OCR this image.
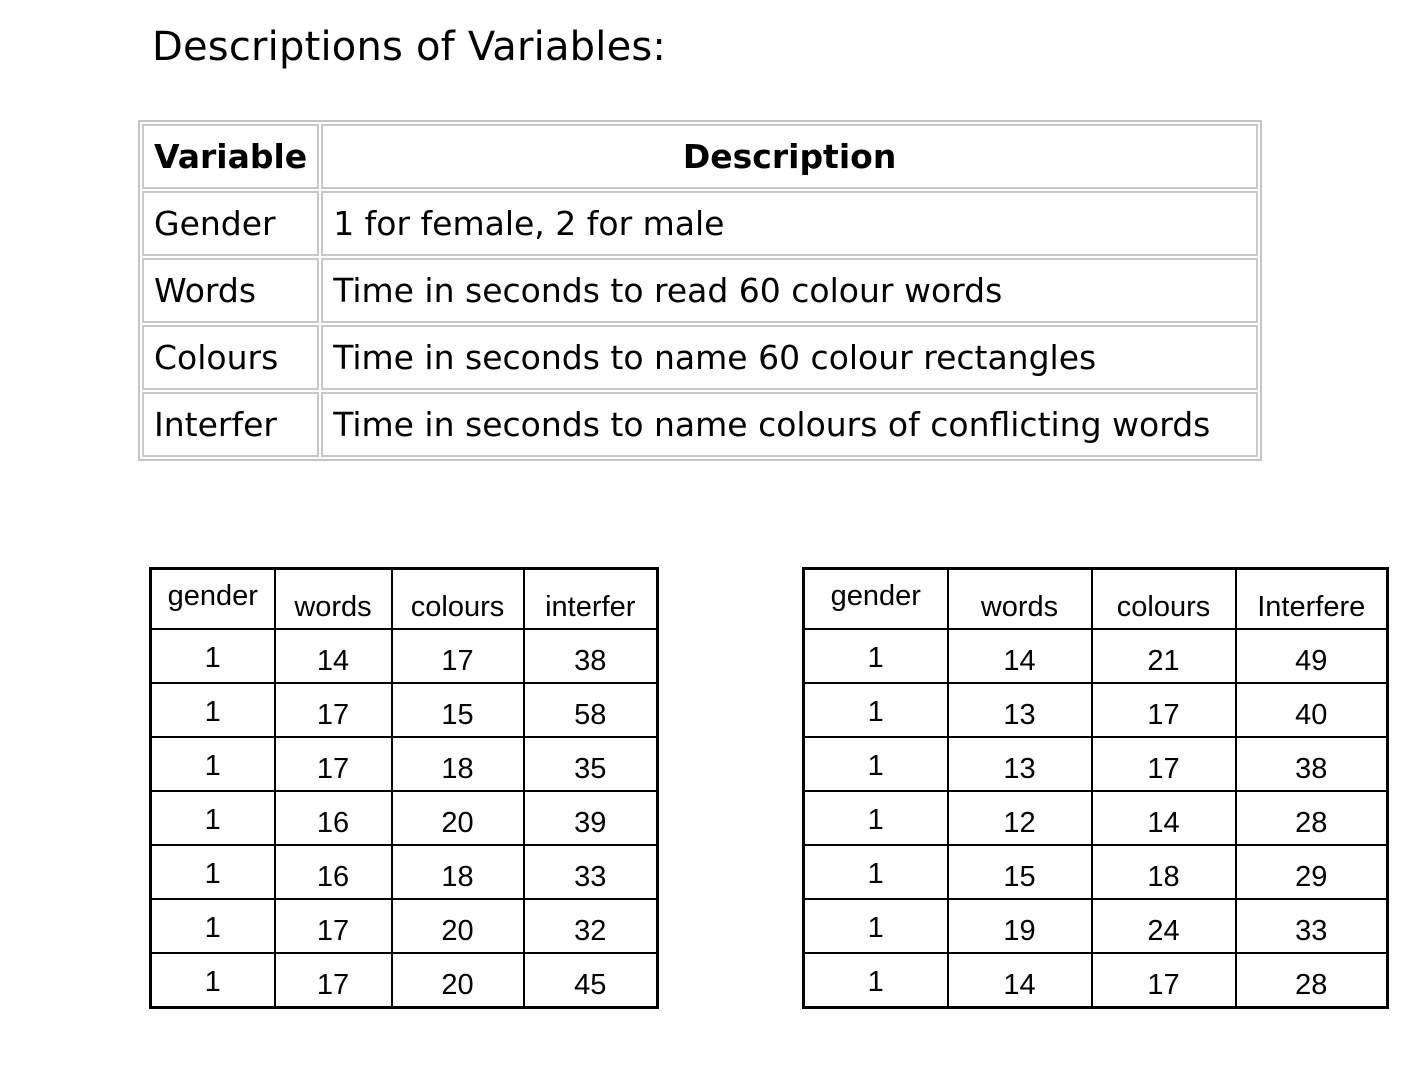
Descriptions of Variables:
Variable	Description
Gender	1 for female, 2 for male
Words	Time in seconds to read 60 colour words
Colours	Time in seconds to name 60 colour rectangles
Interfer	Time in seconds to name colours of conflicting words
gender	words	colours	interfer
1	14	17	38
1	17	15	58
1	17	18	35
1	16	20	39
1	16	18	33
1	17	20	32
1	17	20	45
gender	words	colours	Interfere
1	14	21	49
1	13	17	40
1	13	17	38
1	12	14	28
1	15	18	29
1	19	24	33
1	14	17	28
